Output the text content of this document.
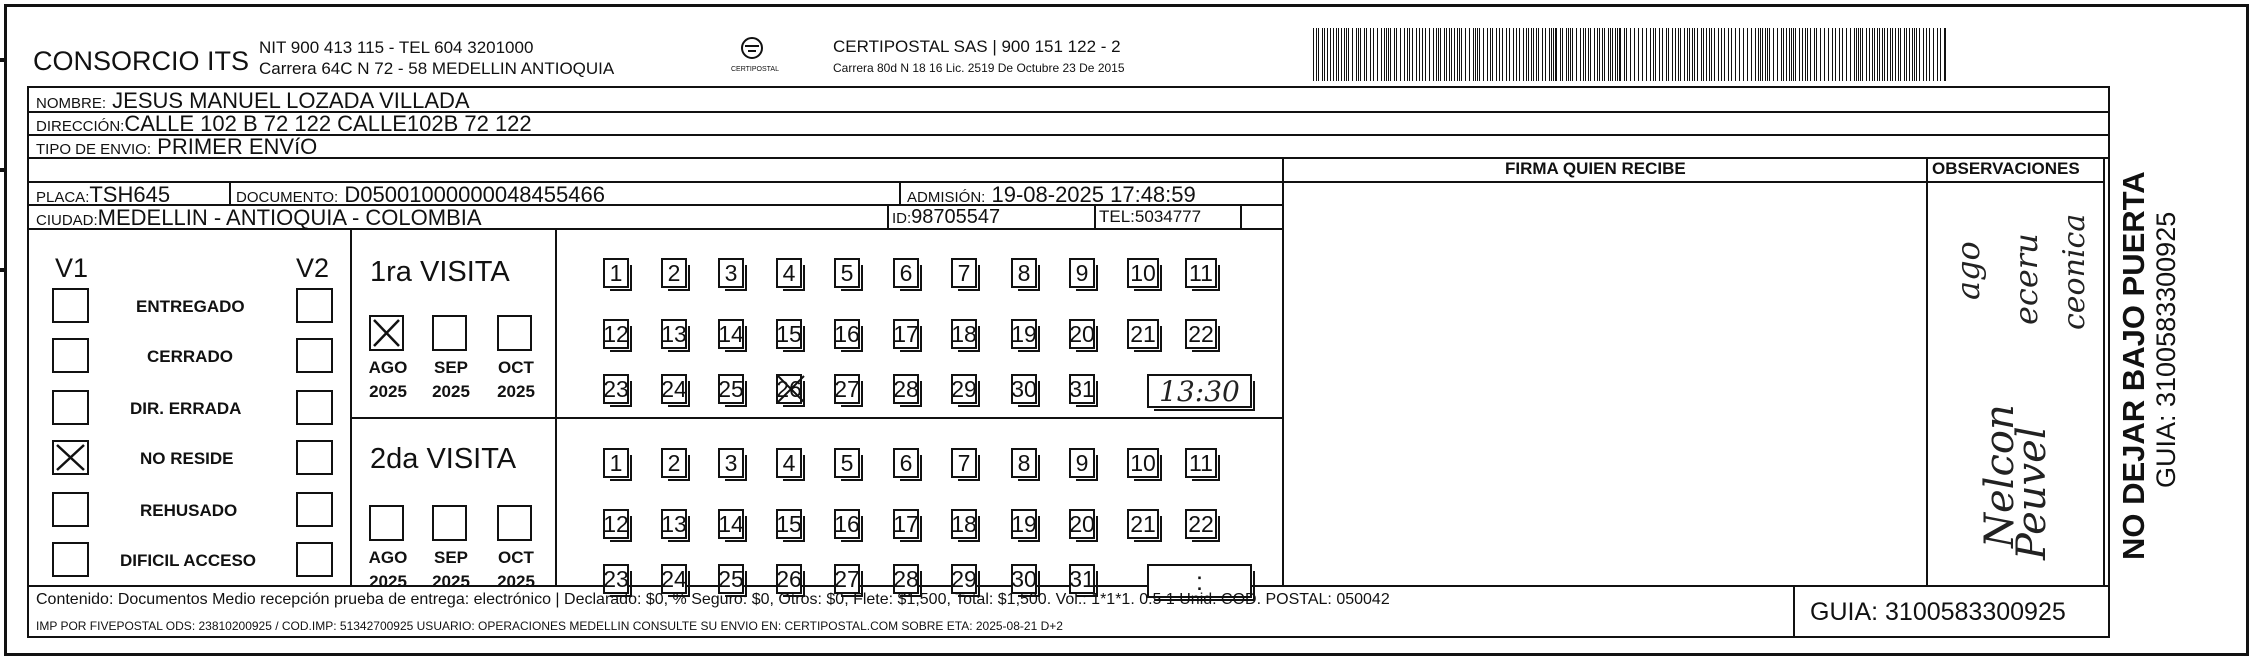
CONSORCIO ITS NIT 900 413 115 - TEL 604 3201000
Carrera 64C N 72 - 58 MEDELLIN ANTIOQUIA	CERTIPOSTAL
CERTIPOSTAL SAS | 900 151 122 - 2
Carrera 80d N 18 16 Lic. 2519 De Octubre 23 De 2015
NOMBRE: JESUS MANUEL LOZADA VILLADA
DIRECCIÓN:CALLE 102 B 72 122 CALLE102B 72 122
TIPO DE ENVIO: PRIMER ENVíO
FIRMA QUIEN RECIBE	OBSERVACIONES
PLACA:TSH645	DOCUMENTO: D05001000000048455466	ADMISIÓN: 19-08-2025 17:48:59
CIUDAD:MEDELLIN - ANTIOQUIA - COLOMBIA	ID:98705547	TEL:5034777
V1	V2
ENTREGADO
CERRADO
DIR. ERRADA
NO RESIDE
REHUSADO
DIFICIL ACCESO
1ra VISITA
AGO
2025
SEP
2025
OCT
2025
1 2 3 4 5 6 7 8 9 10 11
12 13 14 15 16 17 18 19 20 21 22
23 24 25 26 27 28 29 30 31	13:30
2da VISITA
AGO
2025
SEP
2025
OCT
2025
1 2 3 4 5 6 7 8 9 10 11
12 13 14 15 16 17 18 19 20 21 22
23 24 25 26 27 28 29 30 31	:
Nelcon
ago
Peuvel
eceru ceonica
Contenido: Documentos Medio recepción prueba de entrega: electrónico | Declarado: $0, % Seguro: $0, Otros: $0, Flete: $1,500, Total: $1,500. Vol.: 1*1*1. 0.5 1 Unid. COD. POSTAL: 050042
IMP POR FIVEPOSTAL ODS: 23810200925 / COD.IMP: 51342700925 USUARIO: OPERACIONES MEDELLIN CONSULTE SU ENVIO EN: CERTIPOSTAL.COM SOBRE ETA: 2025-08-21 D+2	GUIA: 3100583300925
NO DEJAR BAJO PUERTA GUIA: 3100583300925
